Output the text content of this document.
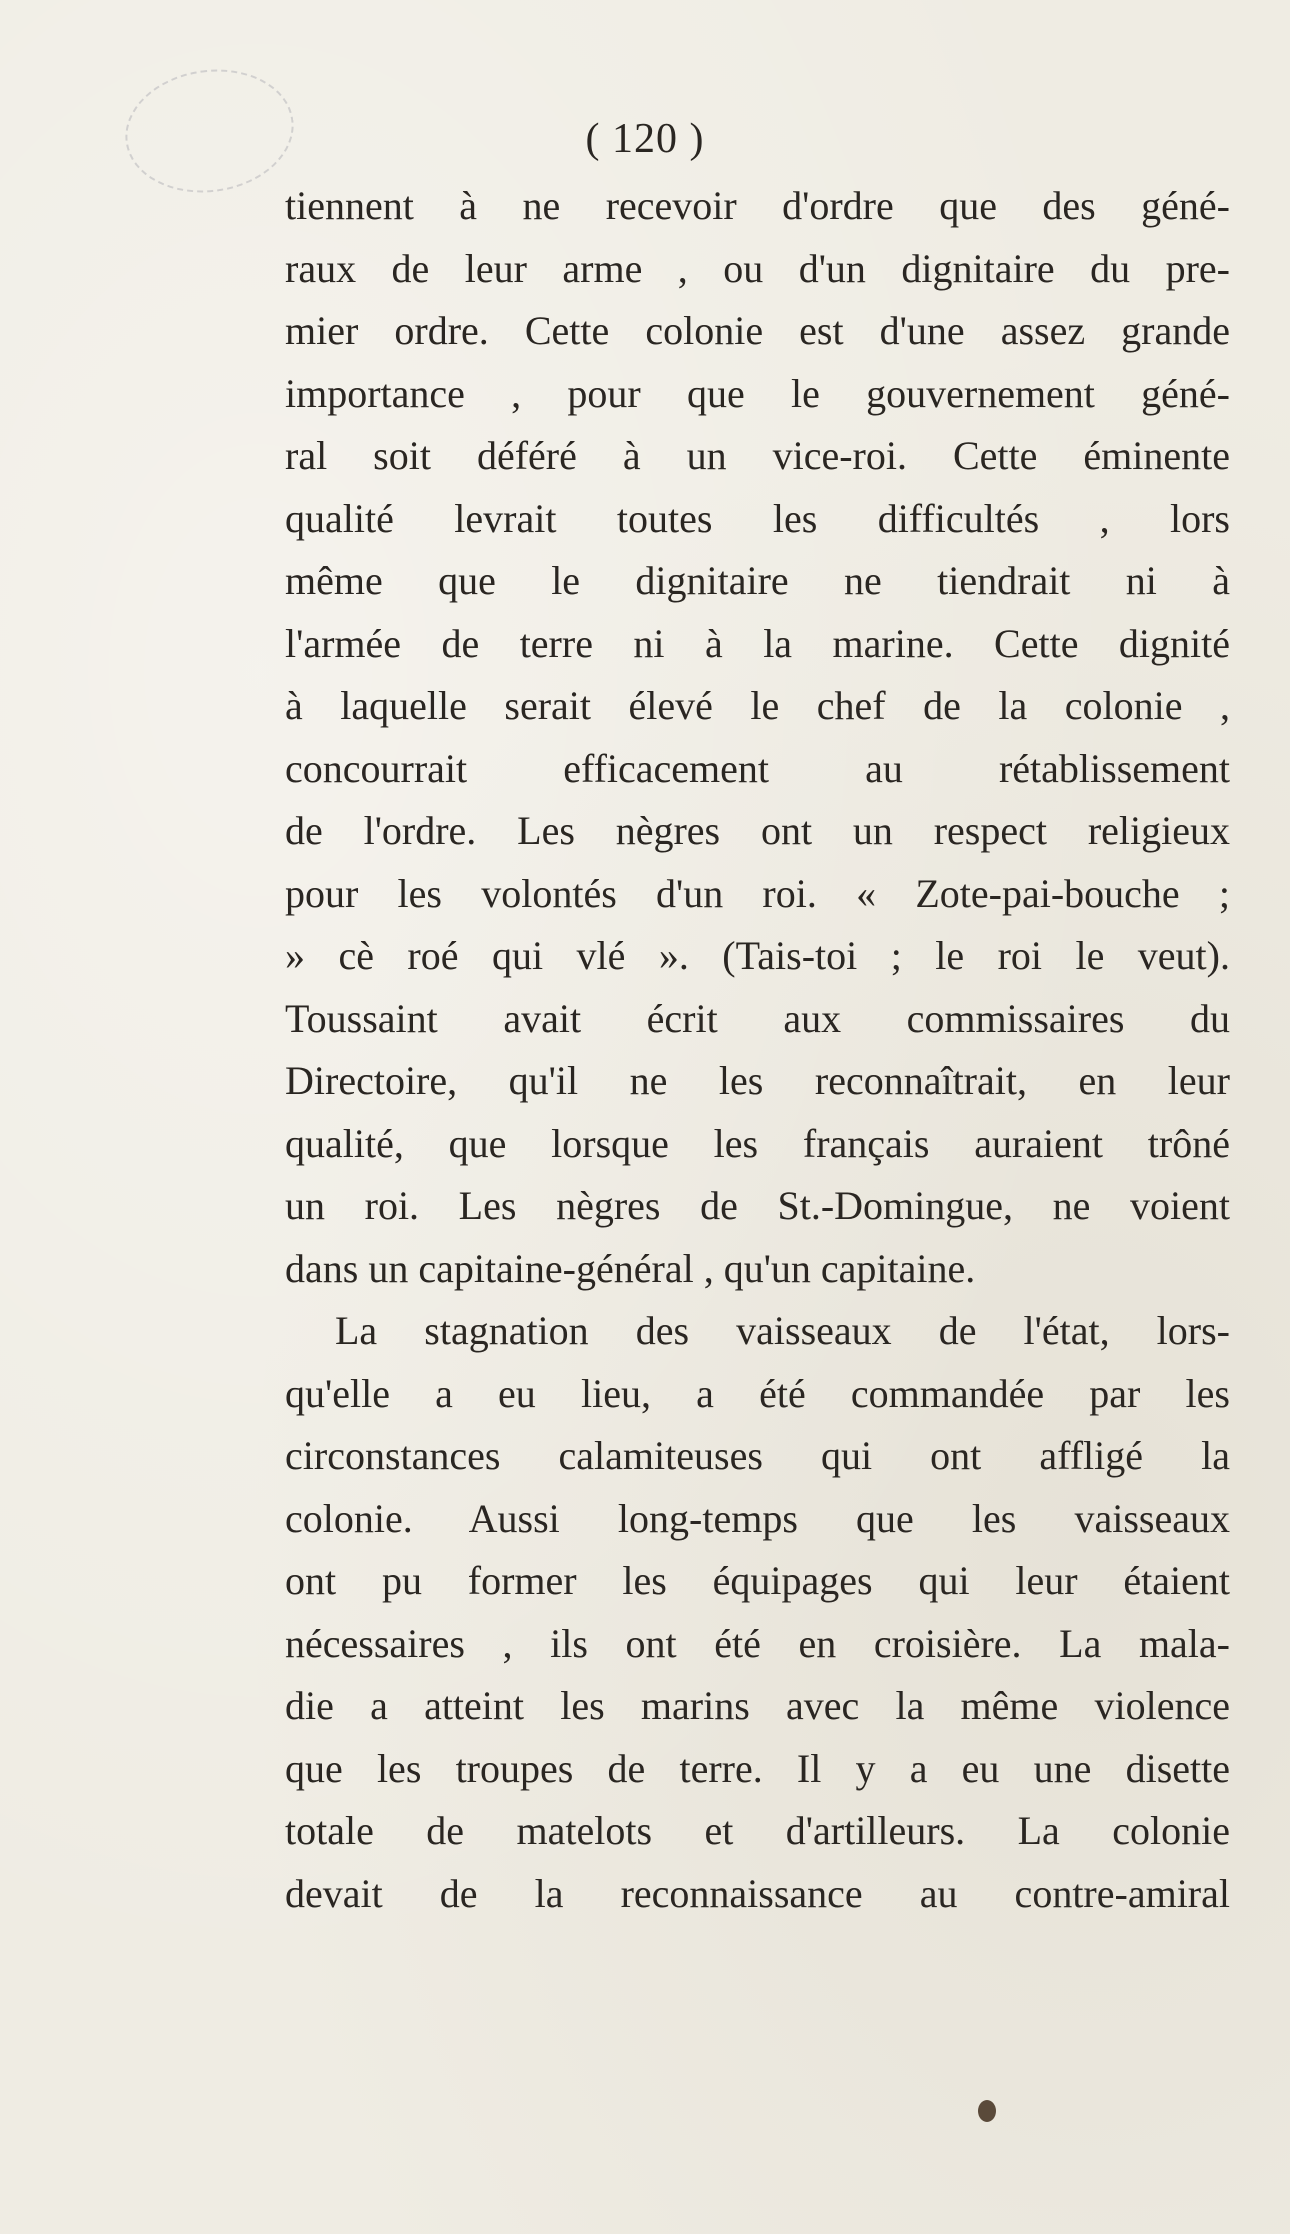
( 120 )
tiennent à ne recevoir d'ordre que des géné-
raux de leur arme , ou d'un dignitaire du pre-
mier ordre. Cette colonie est d'une assez grande
importance , pour que le gouvernement géné-
ral soit déféré à un vice-roi. Cette éminente
qualité levrait toutes les difficultés , lors
même que le dignitaire ne tiendrait ni à
l'armée de terre ni à la marine. Cette dignité
à laquelle serait élevé le chef de la colonie ,
concourrait efficacement au rétablissement
de l'ordre. Les nègres ont un respect religieux
pour les volontés d'un roi. « Zote-pai-bouche ;
» cè roé qui vlé ». (Tais-toi ; le roi le veut).
Toussaint avait écrit aux commissaires du
Directoire, qu'il ne les reconnaîtrait, en leur
qualité, que lorsque les français auraient trôné
un roi. Les nègres de St.-Domingue, ne voient
dans un capitaine-général , qu'un capitaine.
La stagnation des vaisseaux de l'état, lors-
qu'elle a eu lieu, a été commandée par les
circonstances calamiteuses qui ont affligé la
colonie. Aussi long-temps que les vaisseaux
ont pu former les équipages qui leur étaient
nécessaires , ils ont été en croisière. La mala-
die a atteint les marins avec la même violence
que les troupes de terre. Il y a eu une disette
totale de matelots et d'artilleurs. La colonie
devait de la reconnaissance au contre-amiral
